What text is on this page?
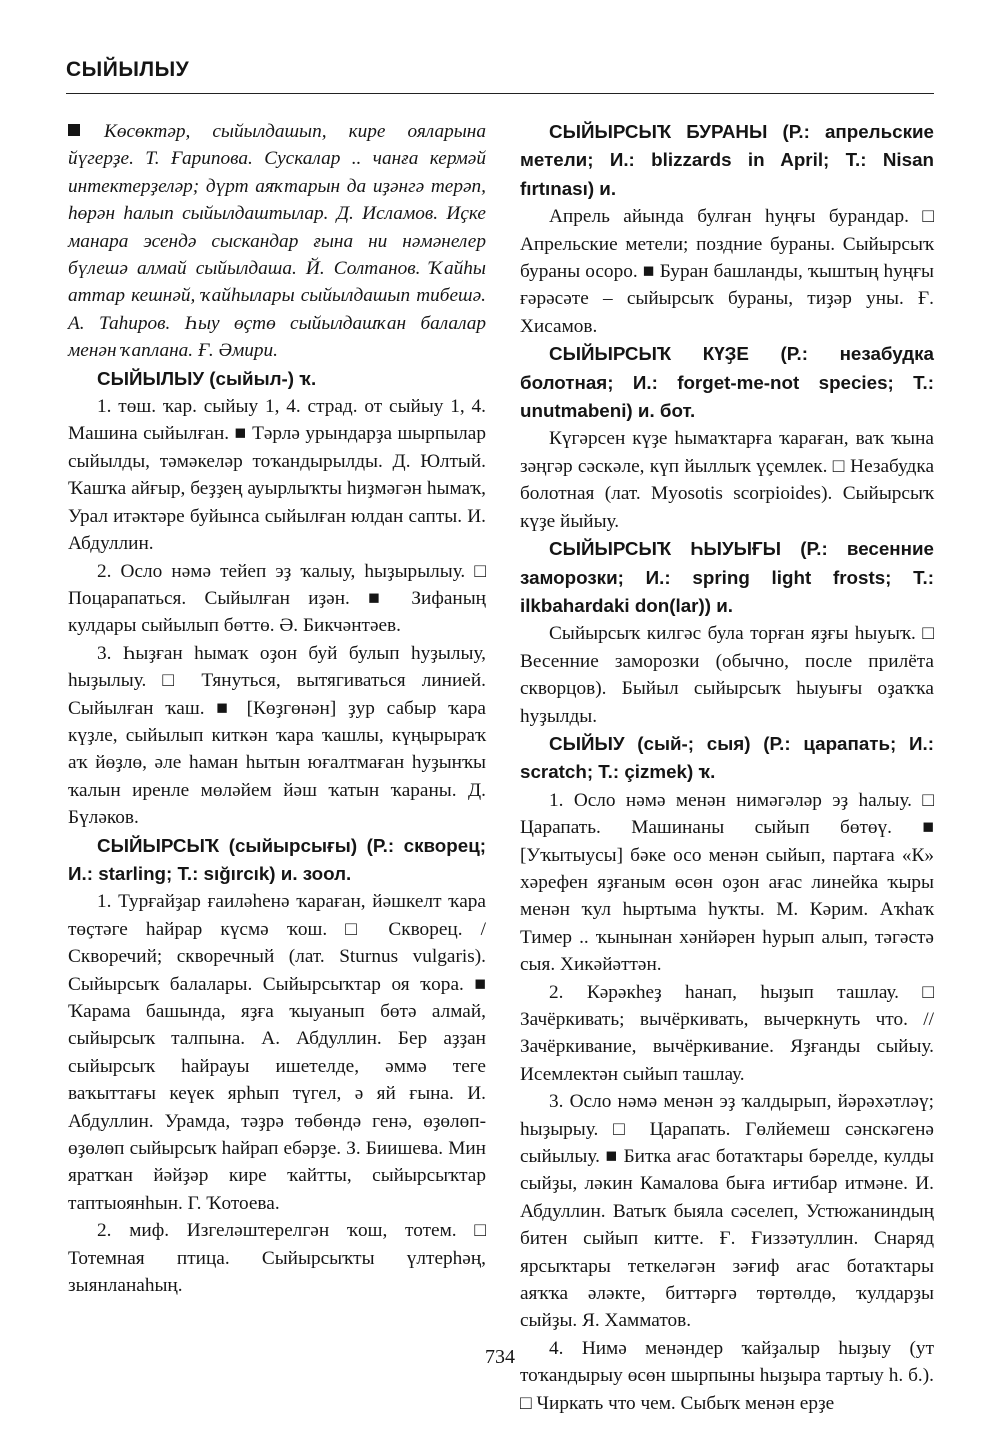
СЫЙЫЛЫУ

Көсөктәр, сыйылдашып, кире ояларына йүгерҙе. Т. Ғарипова. Сускалар .. чанға кермәй интектерҙеләр; дүрт аяҡтарын да иҙәнгә терәп, һөрән һалып сыйылдаштылар. Д. Исламов. Иҫке манара эсендә сыскандар ғына ни нәмәнелер бүлешә алмай сыйылдаша. Й. Солтанов. Ҡайһы аттар кешнәй, ҡайһылары сыйылдашып тибешә. А. Таһиров. Һыу өҫтө сыйылдашҡан балалар менән ҡаплана. Ғ. Әмири.

СЫЙЫЛЫУ (сыйыл-) ҡ.

1. төш. ҡар. сыйыу 1, 4. страд. от сыйыу 1, 4. Машина сыйылған. ■ Тәрлә урындарҙа шырпылар сыйылды, тәмәкеләр тоҡандырылды. Д. Юлтый. Ҡашҡа айғыр, беҙҙең ауырлыҡты һиҙмәгән һымаҡ, Урал итәктәре буйынса сыйылған юлдан сапты. И. Абдуллин.

2. Осло нәмә тейеп эҙ ҡалыу, һыҙырылыу. □ Поцарапаться. Сыйылған иҙән. ■ Зифаның кулдары сыйылып бөттө. Ә. Бикчәнтәев.

3. Һыҙған һымаҡ оҙон буй булып һуҙылыу, һыҙылыу. □ Тянуться, вытягиваться линией. Сыйылған ҡаш. ■ [Көҙгөнән] ҙур сабыр ҡара күҙле, сыйылып киткән ҡара ҡашлы, күңырыраҡ аҡ йөҙлө, әле һаман һытын юғалтмаған һуҙынҡы ҡалын иренле мөләйем йәш ҡатын ҡараны. Д. Бүләков.

СЫЙЫРСЫҠ (сыйырсығы) (Р.: скворец; И.: starling; Т.: sığırcık) и. зоол.

1. Турғайҙар ғаиләһенә ҡараған, йәшкелт ҡара төҫтәге һайрар күсмә ҡош. □ Скворец. / Скворечий; скворечный (лат. Sturnus vulgaris). Сыйырсыҡ балалары. Сыйырсыҡтар оя ҡора. ■ Ҡарама башында, яҙға ҡыуанып бөтә алмай, сыйырсыҡ талпына. А. Абдуллин. Бер аҙҙан сыйырсыҡ һайрауы ишетелде, әммә теге ваҡыттағы кеүек ярһып түгел, ә яй ғына. И. Абдуллин. Урамда, тәҙрә төбөндә генә, өҙөлөп-өҙөлөп сыйырсыҡ һайрап ебәрҙе. З. Биишева. Мин яратҡан йәйҙәр кире ҡайтты, сыйырсыҡтар таптыоянһын. Г. Ҡотоева.

2. миф. Изгеләштерелгән ҡош, тотем. □ Тотемная птица. Сыйырсыҡты үлтерһәң, зыянланаһың.

СЫЙЫРСЫҠ БУРАНЫ (Р.: апрельские метели; И.: blizzards in April; Т.: Nisan fırtınası) и.

Апрель айында булған һуңғы бурандар. □ Апрельские метели; поздние бураны. Сыйырсыҡ бураны осоро. ■ Буран башланды, ҡыштың һуңғы ғәрәсәте – сыйырсыҡ бураны, тиҙәр уны. Ғ. Хисамов.

СЫЙЫРСЫҠ КҮҘЕ (Р.: незабудка болотная; И.: forget-me-not species; Т.: unutmabeni) и. бот.

Күгәрсен күҙе һымаҡтарға ҡараған, ваҡ ҡына зәңгәр сәскәле, күп йыллыҡ үҫемлек. □ Незабудка болотная (лат. Myosotis scorpioides). Сыйырсыҡ күҙе йыйыу.

СЫЙЫРСЫҠ ҺЫУЫҒЫ (Р.: весенние заморозки; И.: spring light frosts; Т.: ilkbahardaki don(lar)) и.

Сыйырсыҡ килгәс була торған яҙғы һыуыҡ. □ Весенние заморозки (обычно, после прилёта скворцов). Быйыл сыйырсыҡ һыуығы оҙаҡҡа һуҙылды.

СЫЙЫУ (сый-; сыя) (Р.: царапать; И.: scratch; Т.: çizmek) ҡ.

1. Осло нәмә менән нимәгәләр эҙ һалыу. □ Царапать. Машинаны сыйып бөтөү. ■ [Уҡытыусы] бәке осо менән сыйып, партаға «К» хәрефен яҙғаным өсөн оҙон ағас линейка ҡыры менән ҡул һыртыма һуҡты. М. Кәрим. Аҡһаҡ Тимер .. ҡынынан хәнйәрен һурып алып, тәгәстә сыя. Хикәйәттән.

2. Кәрәкһеҙ һанап, һыҙып ташлау. □ Зачёркивать; вычёркивать, вычеркнуть что. // Зачёркивание, вычёркивание. Яҙғанды сыйыу. Исемлектән сыйып ташлау.

3. Осло нәмә менән эҙ ҡалдырып, йәрәхәтләү; һыҙырыу. □ Царапать. Гөлйемеш сәнскәгенә сыйылыу. ■ Битка ағас ботаҡтары бәрелде, кулды сыйҙы, ләкин Камалова быға иғтибар итмәне. И. Абдуллин. Ватыҡ быяла сәселеп, Устюжаниндың битен сыйып китте. Ғ. Ғиззәтуллин. Снаряд ярсыҡтары теткеләгән зәғиф ағас ботаҡтары аяҡҡа әләкте, биттәргә төртөлдө, ҡулдарҙы сыйҙы. Я. Хамматов.

4. Нимә менәндер ҡайҙалыр һыҙыу (ут тоҡандырыу өсөн шырпыны һыҙыра тартыу һ. б.). □ Чиркать что чем. Сыбыҡ менән ерҙе

734
